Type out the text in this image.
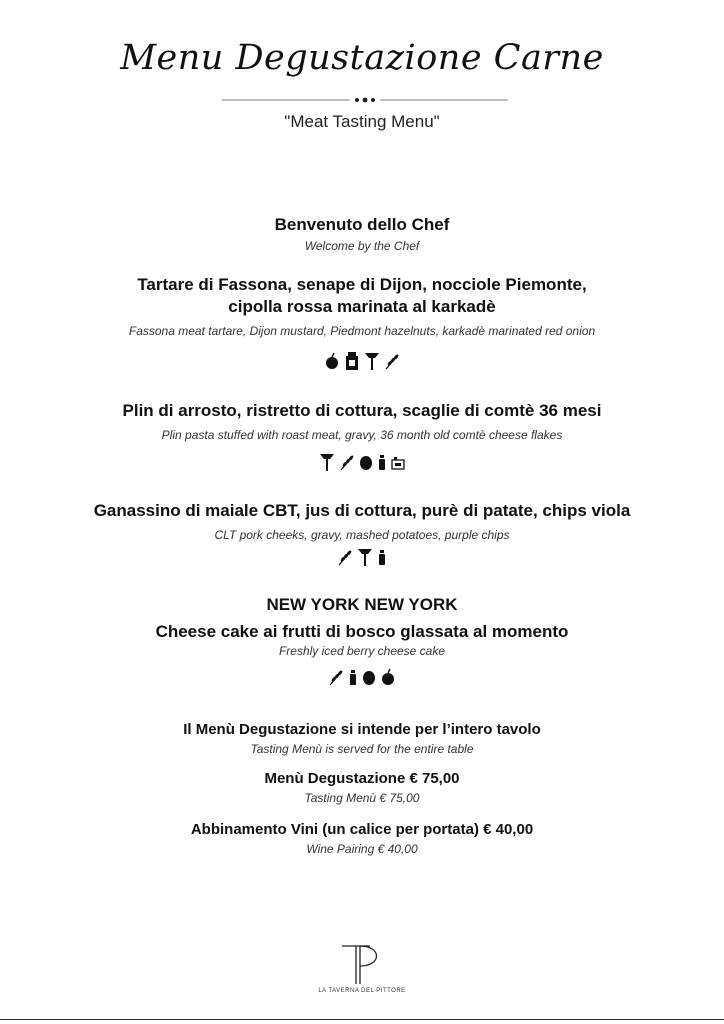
Menu Degustazione Carne
"Meat Tasting Menu"

Benvenuto dello Chef

Welcome by the Chef

Tartare di Fassona, senape di Dijon, nocciole Piemonte,

cipolla rossa marinata al karkadè

Fassona meat tartare, Dijon mustard, Piedmont hazelnuts, karkadè marinated red onion

Plin di arrosto, ristretto di cottura, scaglie di comtè 36 mesi

Plin pasta stuffed with roast meat, gravy, 36 month old comtè cheese flakes

Ganassino di maiale CBT, jus di cottura, purè di patate, chips viola

CLT pork cheeks, gravy, mashed potatoes, purple chips

NEW YORK NEW YORK

Cheese cake ai frutti di bosco glassata al momento

Freshly iced berry cheese cake

Il Menù Degustazione si intende per l’intero tavolo

Tasting Menù is served for the entire table

Menù Degustazione € 75,00

Tasting Menù € 75,00

Abbinamento Vini (un calice per portata) € 40,00

Wine Pairing € 40,00

LA TAVERNA DEL PITTORE
